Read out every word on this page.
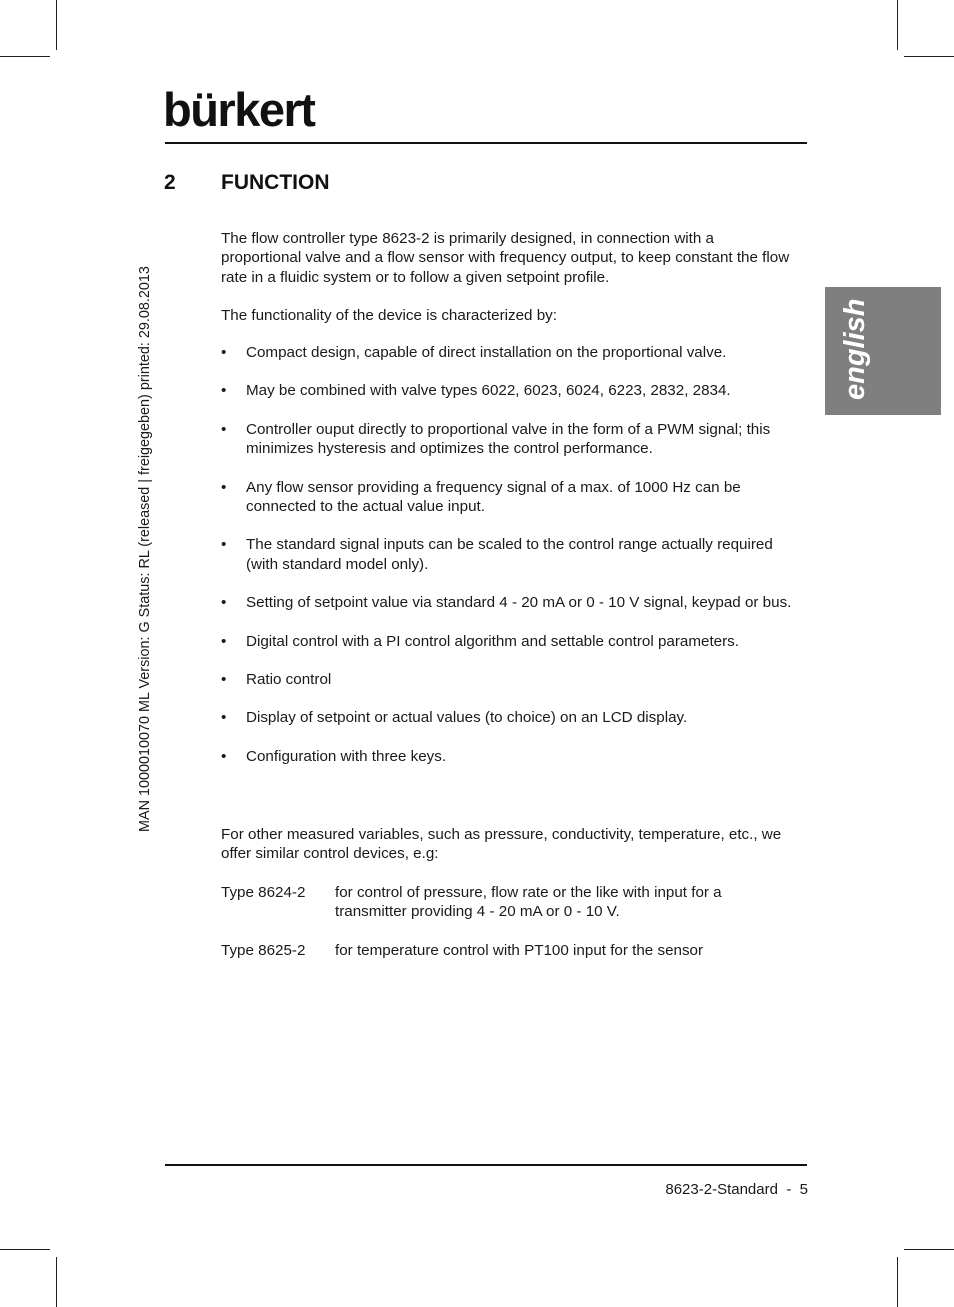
bürkert
MAN 1000010070 ML Version: G Status: RL (released | freigegeben) printed: 29.08.2013	english
2 FUNCTION

The flow controller type 8623-2 is primarily designed, in connection with a proportional valve and a flow sensor with frequency output, to keep constant the flow rate in a fluidic system or to follow a given setpoint profile.

The functionality of the device is characterized by:

• Compact design, capable of direct installation on the proportional valve.
• May be combined with valve types 6022, 6023, 6024, 6223, 2832, 2834.
• Controller ouput directly to proportional valve in the form of a PWM signal; this minimizes hysteresis and optimizes the control performance.
• Any flow sensor providing a frequency signal of a max. of 1000 Hz can be connected to the actual value input.
• The standard signal inputs can be scaled to the control range actually required (with standard model only).
• Setting of setpoint value via standard 4 - 20 mA or 0 - 10 V signal, keypad or bus.
• Digital control with a PI control algorithm and settable control parameters.
• Ratio control
• Display of setpoint or actual values (to choice) on an LCD display.
• Configuration with three keys.

For other measured variables, such as pressure, conductivity, temperature, etc., we offer similar control devices, e.g:

Type 8624-2 for control of pressure, flow rate or the like with input for a transmitter providing 4 - 20 mA or 0 - 10 V.
Type 8625-2 for temperature control with PT100 input for the sensor
8623-2-Standard - 5
